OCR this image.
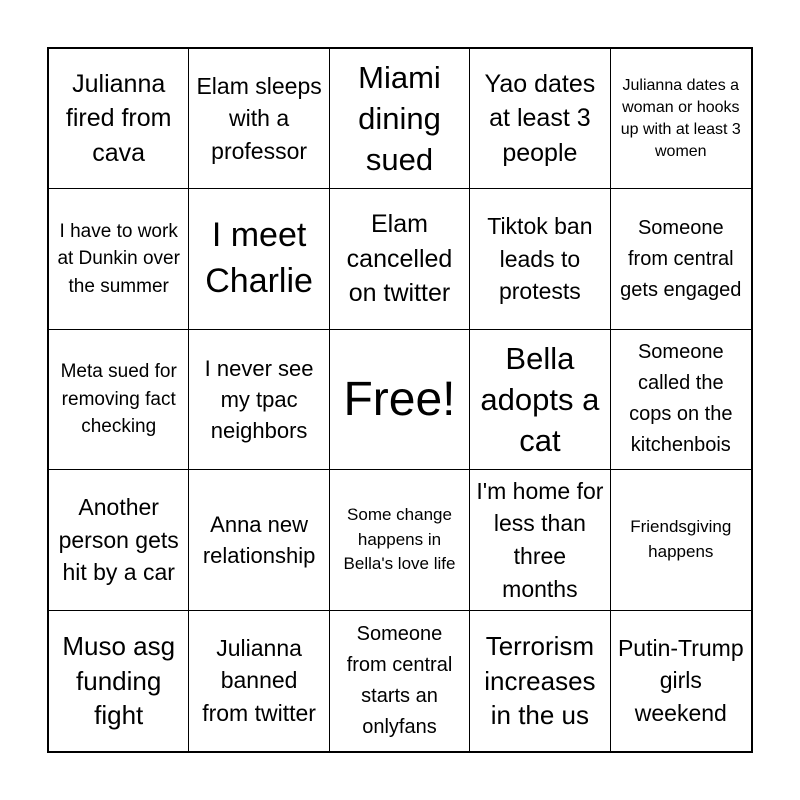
Julianna fired from cava
Elam sleeps with a professor
Miami dining sued
Yao dates at least 3 people
Julianna dates a woman or hooks up with at least 3 women
I have to work at Dunkin over the summer
I meet Charlie
Elam cancelled on twitter
Tiktok ban leads to protests
Someone from central gets engaged
Meta sued for removing fact checking
I never see my tpac neighbors
Free!
Bella adopts a cat
Someone called the cops on the kitchenbois
Another person gets hit by a car
Anna new relationship
Some change happens in Bella's love life
I'm home for less than three months
Friendsgiving happens
Muso asg funding fight
Julianna banned from twitter
Someone from central starts an onlyfans
Terrorism increases in the us
Putin-Trump girls weekend
